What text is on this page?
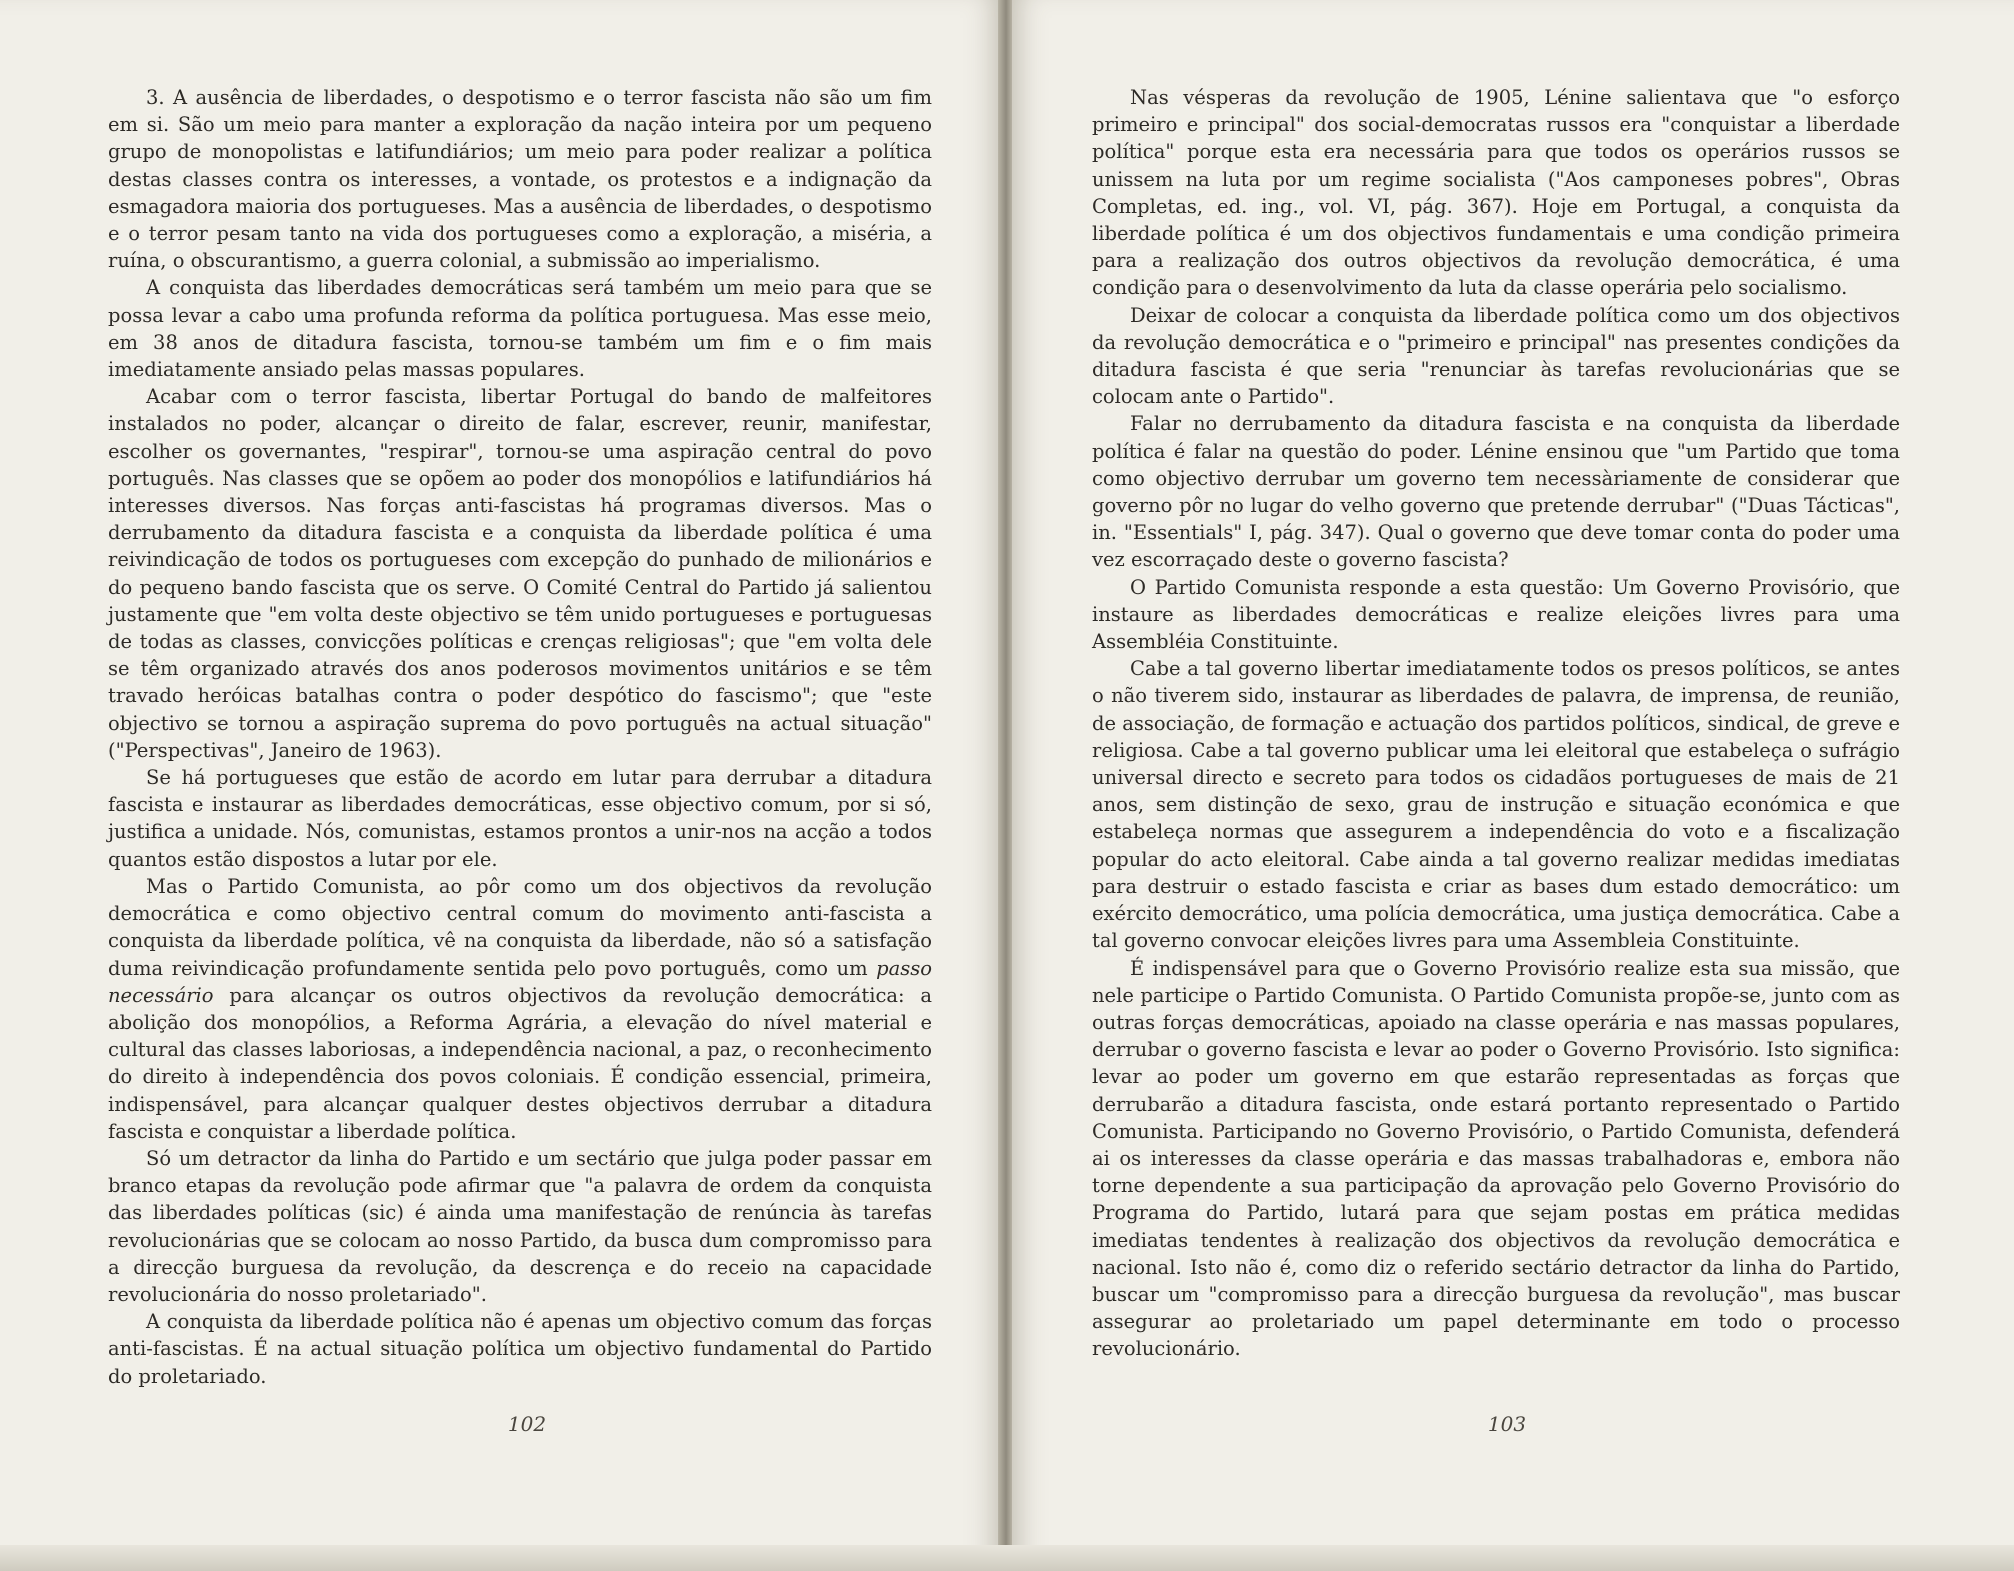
3. A ausência de liberdades, o despotismo e o terror fascista não são um fim em si. São um meio para manter a exploração da nação inteira por um pequeno grupo de monopolistas e latifundiários; um meio para poder realizar a política destas classes contra os interesses, a vontade, os protestos e a indignação da esmagadora maioria dos portugueses. Mas a ausência de liberdades, o despotismo e o terror pesam tanto na vida dos portugueses como a exploração, a miséria, a ruína, o obscurantismo, a guerra colonial, a submissão ao imperialismo.

A conquista das liberdades democráticas será também um meio para que se possa levar a cabo uma profunda reforma da política portuguesa. Mas esse meio, em 38 anos de ditadura fascista, tornou-se também um fim e o fim mais imediatamente ansiado pelas massas populares.

Acabar com o terror fascista, libertar Portugal do bando de malfeitores instalados no poder, alcançar o direito de falar, escrever, reunir, manifestar, escolher os governantes, "respirar", tornou-se uma aspiração central do povo português. Nas classes que se opõem ao poder dos monopólios e latifundiários há interesses diversos. Nas forças anti-fascistas há programas diversos. Mas o derrubamento da ditadura fascista e a conquista da liberdade política é uma reivindicação de todos os portugueses com excepção do punhado de milionários e do pequeno bando fascista que os serve. O Comité Central do Partido já salientou justamente que "em volta deste objectivo se têm unido portugueses e portuguesas de todas as classes, convicções políticas e crenças religiosas"; que "em volta dele se têm organizado através dos anos poderosos movimentos unitários e se têm travado heróicas batalhas contra o poder despótico do fascismo"; que "este objectivo se tornou a aspiração suprema do povo português na actual situação" ("Perspectivas", Janeiro de 1963).

Se há portugueses que estão de acordo em lutar para derrubar a ditadura fascista e instaurar as liberdades democráticas, esse objectivo comum, por si só, justifica a unidade. Nós, comunistas, estamos prontos a unir-nos na acção a todos quantos estão dispostos a lutar por ele.

Mas o Partido Comunista, ao pôr como um dos objectivos da revolução democrática e como objectivo central comum do movimento anti-fascista a conquista da liberdade política, vê na conquista da liberdade, não só a satisfação duma reivindicação profundamente sentida pelo povo português, como um passo necessário para alcançar os outros objectivos da revolução democrática: a abolição dos monopólios, a Reforma Agrária, a elevação do nível material e cultural das classes laboriosas, a independência nacional, a paz, o reconhecimento do direito à independência dos povos coloniais. É condição essencial, primeira, indispensável, para alcançar qualquer destes objectivos derrubar a ditadura fascista e conquistar a liberdade política.

Só um detractor da linha do Partido e um sectário que julga poder passar em branco etapas da revolução pode afirmar que "a palavra de ordem da conquista das liberdades políticas (sic) é ainda uma manifestação de renúncia às tarefas revolucionárias que se colocam ao nosso Partido, da busca dum compromisso para a direcção burguesa da revolução, da descrença e do receio na capacidade revolucionária do nosso proletariado".

A conquista da liberdade política não é apenas um objectivo comum das forças anti-fascistas. É na actual situação política um objectivo fundamental do Partido do proletariado.

102

Nas vésperas da revolução de 1905, Lénine salientava que "o esforço primeiro e principal" dos social-democratas russos era "conquistar a liberdade política" porque esta era necessária para que todos os operários russos se unissem na luta por um regime socialista ("Aos camponeses pobres", Obras Completas, ed. ing., vol. VI, pág. 367). Hoje em Portugal, a conquista da liberdade política é um dos objectivos fundamentais e uma condição primeira para a realização dos outros objectivos da revolução democrática, é uma condição para o desenvolvimento da luta da classe operária pelo socialismo.

Deixar de colocar a conquista da liberdade política como um dos objectivos da revolução democrática e o "primeiro e principal" nas presentes condições da ditadura fascista é que seria "renunciar às tarefas revolucionárias que se colocam ante o Partido".

Falar no derrubamento da ditadura fascista e na conquista da liberdade política é falar na questão do poder. Lénine ensinou que "um Partido que toma como objectivo derrubar um governo tem necessàriamente de considerar que governo pôr no lugar do velho governo que pretende derrubar" ("Duas Tácticas", in. "Essentials" I, pág. 347). Qual o governo que deve tomar conta do poder uma vez escorraçado deste o governo fascista?

O Partido Comunista responde a esta questão: Um Governo Provisório, que instaure as liberdades democráticas e realize eleições livres para uma Assembléia Constituinte.

Cabe a tal governo libertar imediatamente todos os presos políticos, se antes o não tiverem sido, instaurar as liberdades de palavra, de imprensa, de reunião, de associação, de formação e actuação dos partidos políticos, sindical, de greve e religiosa. Cabe a tal governo publicar uma lei eleitoral que estabeleça o sufrágio universal directo e secreto para todos os cidadãos portugueses de mais de 21 anos, sem distinção de sexo, grau de instrução e situação económica e que estabeleça normas que assegurem a independência do voto e a fiscalização popular do acto eleitoral. Cabe ainda a tal governo realizar medidas imediatas para destruir o estado fascista e criar as bases dum estado democrático: um exército democrático, uma polícia democrática, uma justiça democrática. Cabe a tal governo convocar eleições livres para uma Assembleia Constituinte.

É indispensável para que o Governo Provisório realize esta sua missão, que nele participe o Partido Comunista. O Partido Comunista propõe-se, junto com as outras forças democráticas, apoiado na classe operária e nas massas populares, derrubar o governo fascista e levar ao poder o Governo Provisório. Isto significa: levar ao poder um governo em que estarão representadas as forças que derrubarão a ditadura fascista, onde estará portanto representado o Partido Comunista. Participando no Governo Provisório, o Partido Comunista, defenderá ai os interesses da classe operária e das massas trabalhadoras e, embora não torne dependente a sua participação da aprovação pelo Governo Provisório do Programa do Partido, lutará para que sejam postas em prática medidas imediatas tendentes à realização dos objectivos da revolução democrática e nacional. Isto não é, como diz o referido sectário detractor da linha do Partido, buscar um "compromisso para a direcção burguesa da revolução", mas buscar assegurar ao proletariado um papel determinante em todo o processo revolucionário.

103
